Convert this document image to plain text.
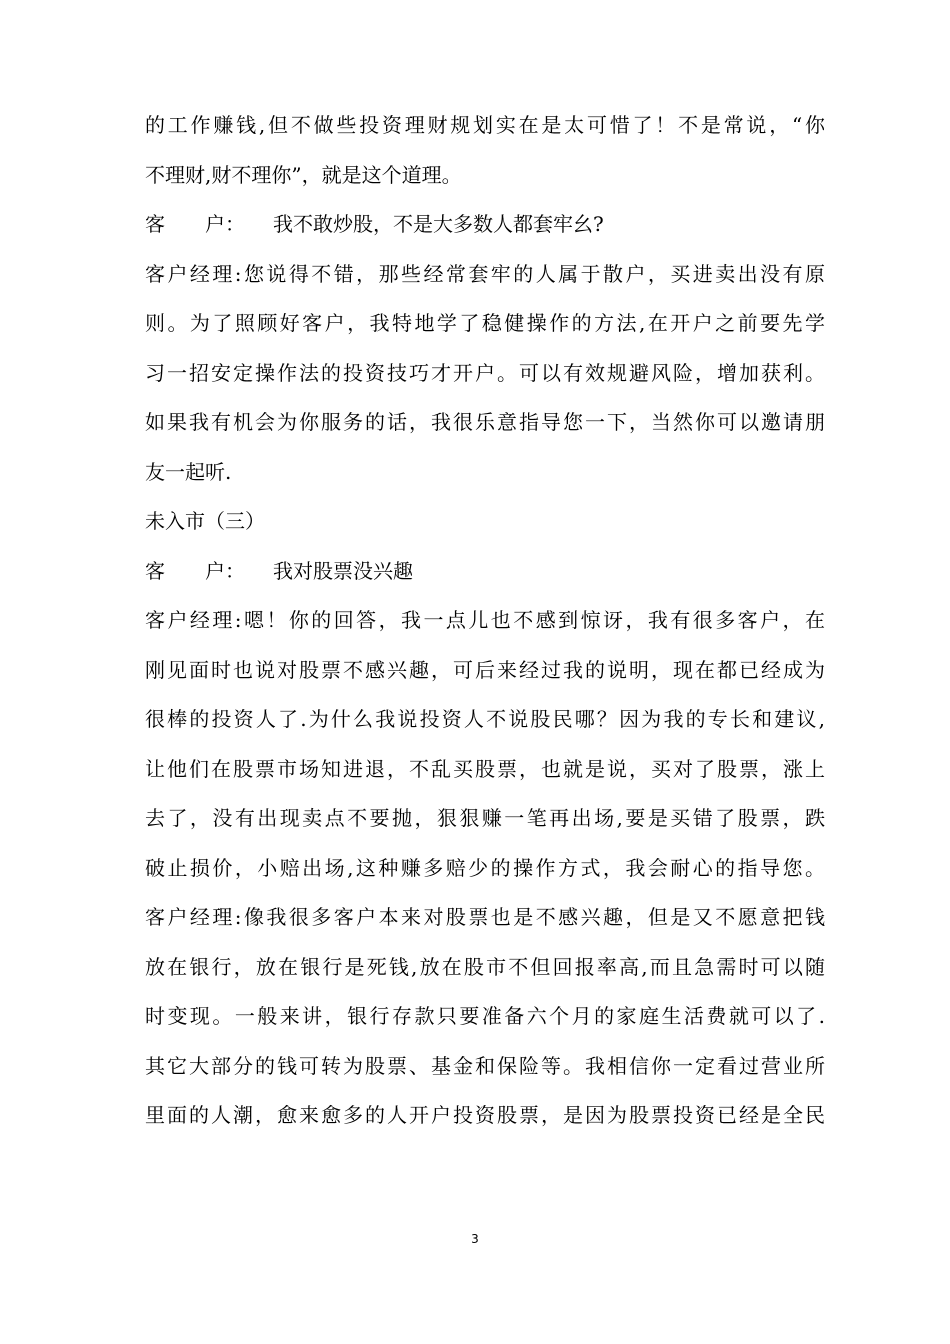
的工作赚钱,但不做些投资理财规划实在是太可惜了！不是常说，“你
不理财,财不理你”，就是这个道理。
客　　户： 我不敢炒股，不是大多数人都套牢幺?
客户经理:您说得不错，那些经常套牢的人属于散户，买进卖出没有原
则。为了照顾好客户，我特地学了稳健操作的方法,在开户之前要先学
习一招安定操作法的投资技巧才开户。可以有效规避风险，增加获利。
如果我有机会为你服务的话，我很乐意指导您一下，当然你可以邀请朋
友一起听.
未入市（三）
客　　户： 我对股票没兴趣
客户经理:嗯！你的回答，我一点儿也不感到惊讶，我有很多客户，在
刚见面时也说对股票不感兴趣，可后来经过我的说明，现在都已经成为
很棒的投资人了.为什么我说投资人不说股民哪？因为我的专长和建议,
让他们在股票市场知进退，不乱买股票，也就是说，买对了股票，涨上
去了，没有出现卖点不要抛，狠狠赚一笔再出场,要是买错了股票，跌
破止损价，小赔出场,这种赚多赔少的操作方式，我会耐心的指导您。
客户经理:像我很多客户本来对股票也是不感兴趣，但是又不愿意把钱
放在银行，放在银行是死钱,放在股市不但回报率高,而且急需时可以随
时变现。一般来讲，银行存款只要准备六个月的家庭生活费就可以了.
其它大部分的钱可转为股票、基金和保险等。我相信你一定看过营业所
里面的人潮，愈来愈多的人开户投资股票，是因为股票投资已经是全民
3
